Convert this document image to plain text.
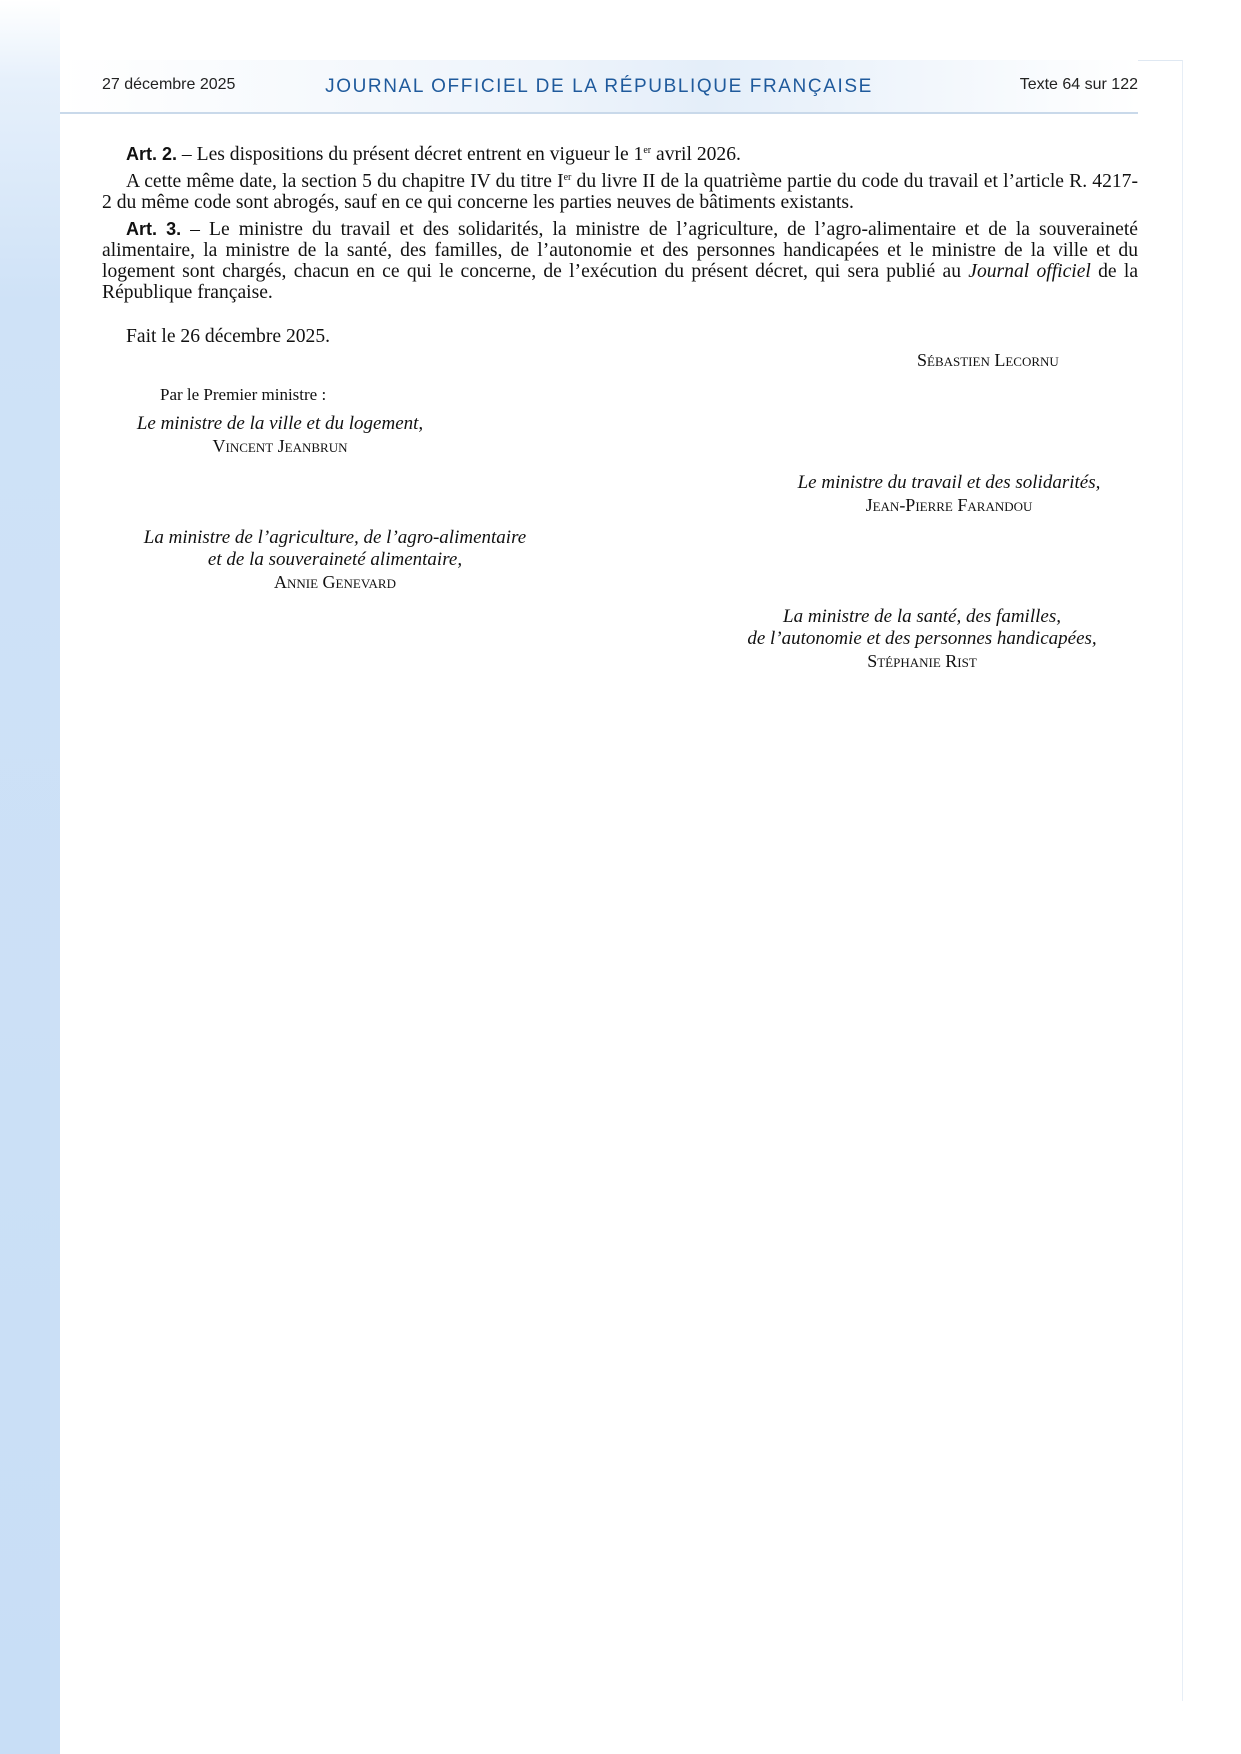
27 décembre 2025	JOURNAL OFFICIEL DE LA RÉPUBLIQUE FRANÇAISE	Texte 64 sur 122

Art. 2. – Les dispositions du présent décret entrent en vigueur le 1er avril 2026.

A cette même date, la section 5 du chapitre IV du titre Ier du livre II de la quatrième partie du code du travail et l’article R. 4217-2 du même code sont abrogés, sauf en ce qui concerne les parties neuves de bâtiments existants.

Art. 3. – Le ministre du travail et des solidarités, la ministre de l’agriculture, de l’agro-alimentaire et de la souveraineté alimentaire, la ministre de la santé, des familles, de l’autonomie et des personnes handicapées et le ministre de la ville et du logement sont chargés, chacun en ce qui le concerne, de l’exécution du présent décret, qui sera publié au Journal officiel de la République française.

Fait le 26 décembre 2025.
Sébastien Lecornu
Par le Premier ministre :
Le ministre de la ville et du logement,
Vincent Jeanbrun
Le ministre du travail et des solidarités,
Jean-Pierre Farandou
La ministre de l’agriculture, de l’agro-alimentaire
et de la souveraineté alimentaire,
Annie Genevard
La ministre de la santé, des familles,
de l’autonomie et des personnes handicapées,
Stéphanie Rist
